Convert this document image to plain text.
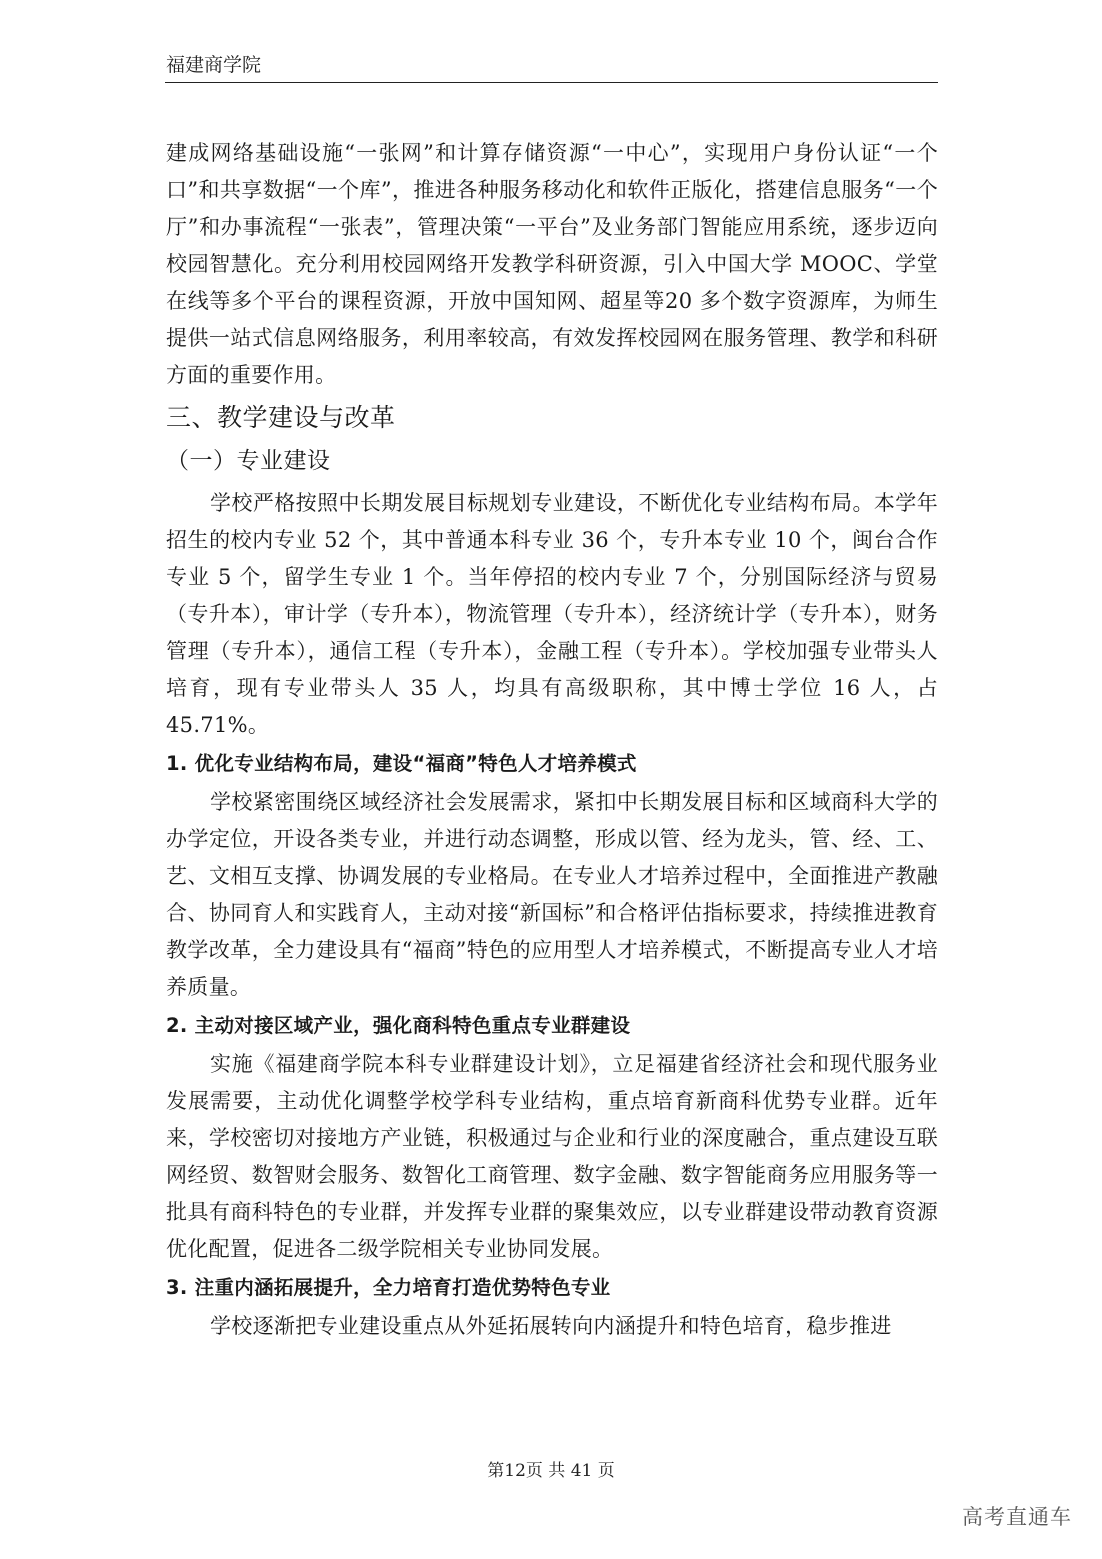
福建商学院

建成网络基础设施“一张网”和计算存储资源“一中心”，实现用户身份认证“一个口”和共享数据“一个库”，推进各种服务移动化和软件正版化，搭建信息服务“一个厅”和办事流程“一张表”，管理决策“一平台”及业务部门智能应用系统，逐步迈向校园智慧化。充分利用校园网络开发教学科研资源，引入中国大学 MOOC、学堂在线等多个平台的课程资源，开放中国知网、超星等20 多个数字资源库，为师生提供一站式信息网络服务，利用率较高，有效发挥校园网在服务管理、教学和科研方面的重要作用。

三、教学建设与改革
（一）专业建设

学校严格按照中长期发展目标规划专业建设，不断优化专业结构布局。本学年招生的校内专业 52 个，其中普通本科专业 36 个，专升本专业 10 个，闽台合作专业 5 个，留学生专业 1 个。当年停招的校内专业 7 个，分别国际经济与贸易（专升本），审计学（专升本），物流管理（专升本），经济统计学（专升本），财务管理（专升本），通信工程（专升本），金融工程（专升本）。学校加强专业带头人培育，现有专业带头人 35 人，均具有高级职称，其中博士学位 16 人，占 45.71%。

1. 优化专业结构布局，建设“福商”特色人才培养模式

学校紧密围绕区域经济社会发展需求，紧扣中长期发展目标和区域商科大学的办学定位，开设各类专业，并进行动态调整，形成以管、经为龙头，管、经、工、艺、文相互支撑、协调发展的专业格局。在专业人才培养过程中，全面推进产教融合、协同育人和实践育人，主动对接“新国标”和合格评估指标要求，持续推进教育教学改革，全力建设具有“福商”特色的应用型人才培养模式，不断提高专业人才培养质量。

2. 主动对接区域产业，强化商科特色重点专业群建设

实施《福建商学院本科专业群建设计划》，立足福建省经济社会和现代服务业发展需要，主动优化调整学校学科专业结构，重点培育新商科优势专业群。近年来，学校密切对接地方产业链，积极通过与企业和行业的深度融合，重点建设互联网经贸、数智财会服务、数智化工商管理、数字金融、数字智能商务应用服务等一批具有商科特色的专业群，并发挥专业群的聚集效应，以专业群建设带动教育资源优化配置，促进各二级学院相关专业协同发展。

3. 注重内涵拓展提升，全力培育打造优势特色专业

学校逐渐把专业建设重点从外延拓展转向内涵提升和特色培育，稳步推进

第12页 共 41 页
高考直通车
